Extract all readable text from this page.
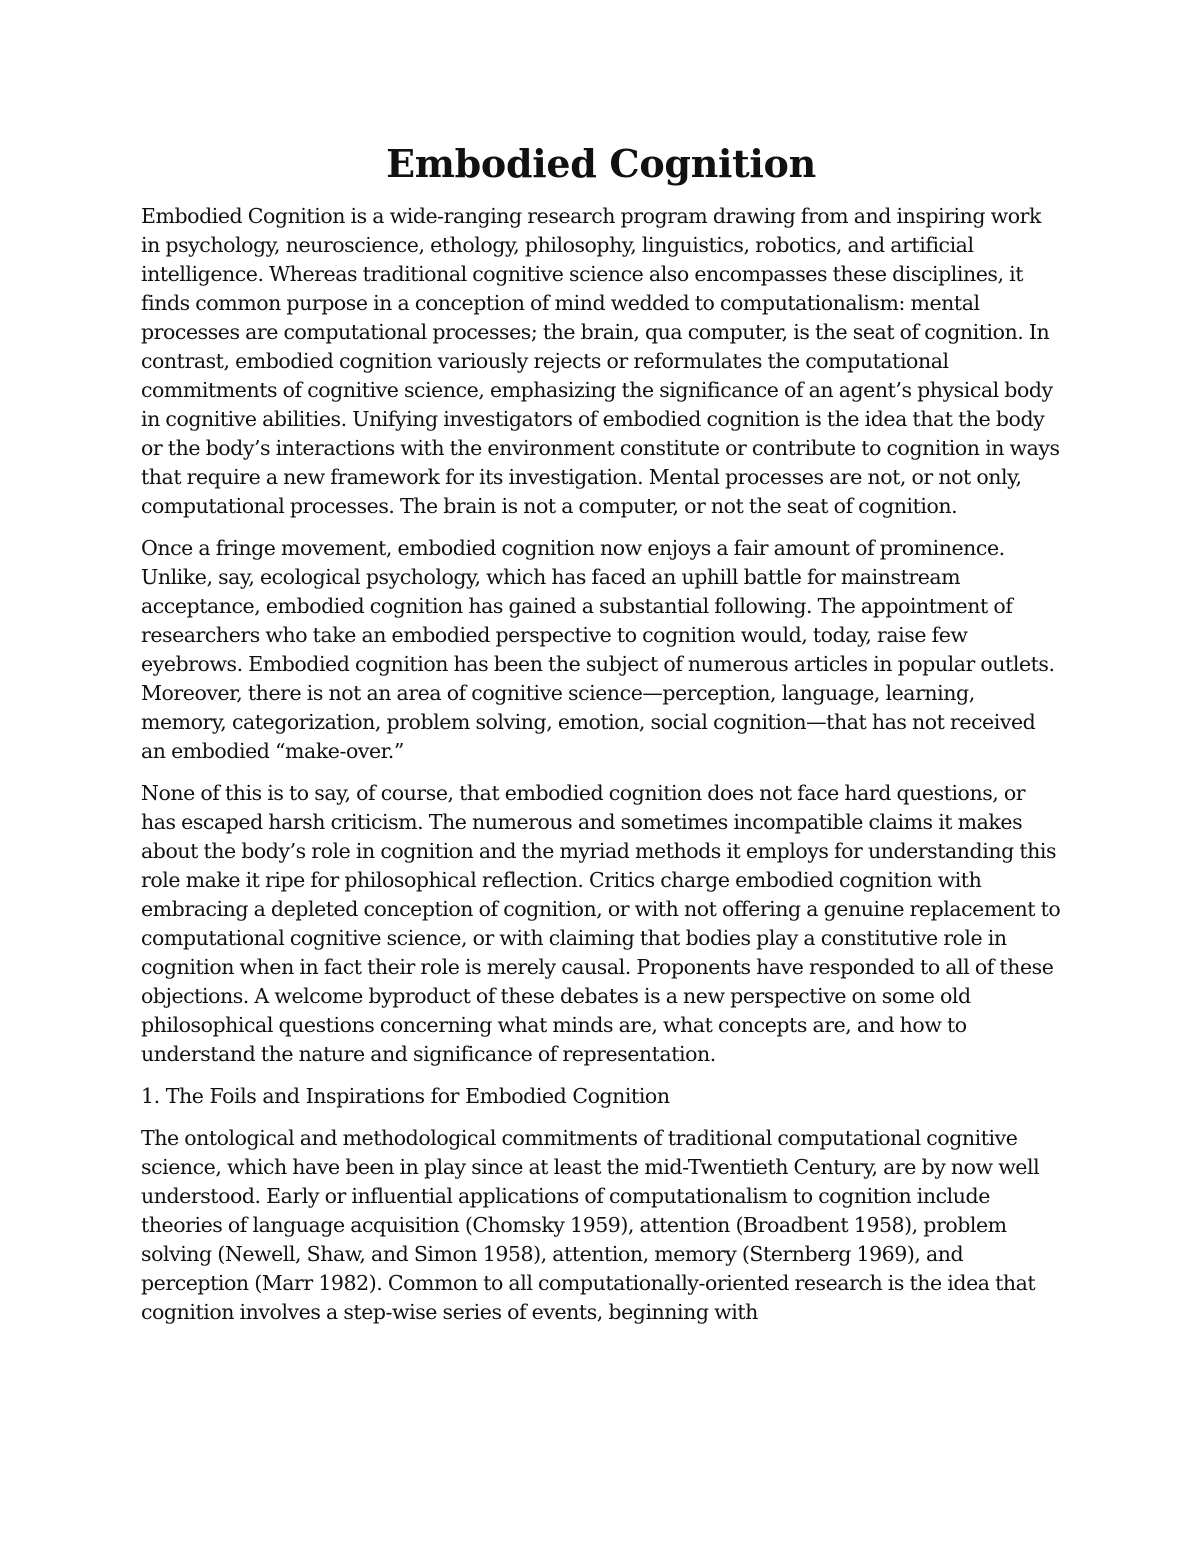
Embodied Cognition

Embodied Cognition is a wide-ranging research program drawing from and inspiring work in psychology, neuroscience, ethology, philosophy, linguistics, robotics, and artificial intelligence. Whereas traditional cognitive science also encompasses these disciplines, it finds common purpose in a conception of mind wedded to computationalism: mental processes are computational processes; the brain, qua computer, is the seat of cognition. In contrast, embodied cognition variously rejects or reformulates the computational commitments of cognitive science, emphasizing the significance of an agent’s physical body in cognitive abilities. Unifying investigators of embodied cognition is the idea that the body or the body’s interactions with the environment constitute or contribute to cognition in ways that require a new framework for its investigation. Mental processes are not, or not only, computational processes. The brain is not a computer, or not the seat of cognition.

Once a fringe movement, embodied cognition now enjoys a fair amount of prominence. Unlike, say, ecological psychology, which has faced an uphill battle for mainstream acceptance, embodied cognition has gained a substantial following. The appointment of researchers who take an embodied perspective to cognition would, today, raise few eyebrows. Embodied cognition has been the subject of numerous articles in popular outlets. Moreover, there is not an area of cognitive science—perception, language, learning, memory, categorization, problem solving, emotion, social cognition—that has not received an embodied “make-over.”

None of this is to say, of course, that embodied cognition does not face hard questions, or has escaped harsh criticism. The numerous and sometimes incompatible claims it makes about the body’s role in cognition and the myriad methods it employs for understanding this role make it ripe for philosophical reflection. Critics charge embodied cognition with embracing a depleted conception of cognition, or with not offering a genuine replacement to computational cognitive science, or with claiming that bodies play a constitutive role in cognition when in fact their role is merely causal. Proponents have responded to all of these objections. A welcome byproduct of these debates is a new perspective on some old philosophical questions concerning what minds are, what concepts are, and how to understand the nature and significance of representation.

1. The Foils and Inspirations for Embodied Cognition

The ontological and methodological commitments of traditional computational cognitive science, which have been in play since at least the mid-Twentieth Century, are by now well understood. Early or influential applications of computationalism to cognition include theories of language acquisition (Chomsky 1959), attention (Broadbent 1958), problem solving (Newell, Shaw, and Simon 1958), attention, memory (Sternberg 1969), and perception (Marr 1982). Common to all computationally-oriented research is the idea that cognition involves a step-wise series of events, beginning with
